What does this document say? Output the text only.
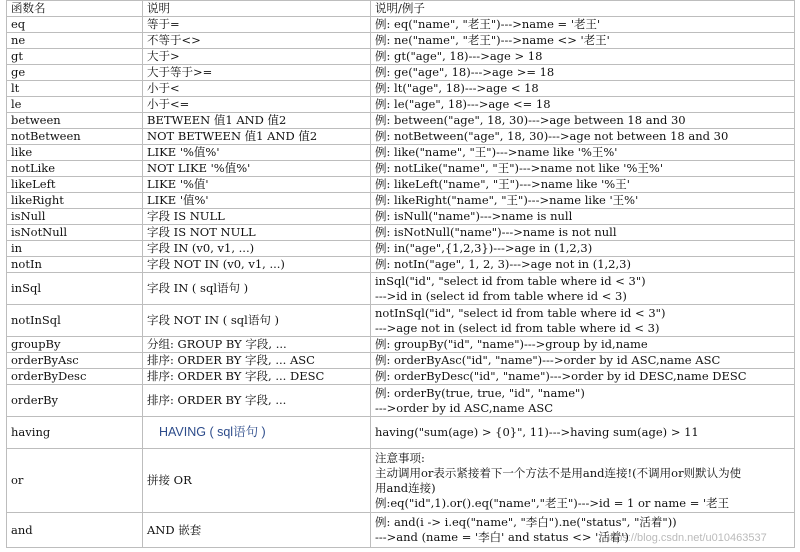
函数名	说明	说明/例子
eq	等于=	例: eq("name", "老王")--->name = '老王'

ne	不等于<>	例: ne("name", "老王")--->name <> '老王'

gt	大于>	例: gt("age", 18)--->age > 18

ge	大于等于>=	例: ge("age", 18)--->age >= 18

lt	小于<	例: lt("age", 18)--->age < 18

le	小于<=	例: le("age", 18)--->age <= 18

between	BETWEEN 值1 AND 值2	例: between("age", 18, 30)--->age between 18 and 30

notBetween	NOT BETWEEN 值1 AND 值2	例: notBetween("age", 18, 30)--->age not between 18 and 30

like	LIKE '%值%'	例: like("name", "王")--->name like '%王%'

notLike	NOT LIKE '%值%'	例: notLike("name", "王")--->name not like '%王%'

likeLeft	LIKE '%值'	例: likeLeft("name", "王")--->name like '%王'

likeRight	LIKE '值%'	例: likeRight("name", "王")--->name like '王%'

isNull	字段 IS NULL	例: isNull("name")--->name is null

isNotNull	字段 IS NOT NULL	例: isNotNull("name")--->name is not null

in	字段 IN (v0, v1, ...)	例: in("age",{1,2,3})--->age in (1,2,3)

notIn	字段 NOT IN (v0, v1, ...)	例: notIn("age", 1, 2, 3)--->age not in (1,2,3)

inSql	字段 IN ( sql语句 )	inSql("id", "select id from table where id < 3")
--->id in (select id from table where id < 3)

notInSql	字段 NOT IN ( sql语句 )	notInSql("id", "select id from table where id < 3")
--->age not in (select id from table where id < 3)

groupBy	分组: GROUP BY 字段, ...	例: groupBy("id", "name")--->group by id,name

orderByAsc	排序: ORDER BY 字段, ... ASC	例: orderByAsc("id", "name")--->order by id ASC,name ASC

orderByDesc	排序: ORDER BY 字段, ... DESC	例: orderByDesc("id", "name")--->order by id DESC,name DESC

orderBy	排序: ORDER BY 字段, ...	例: orderBy(true, true, "id", "name")
--->order by id ASC,name ASC

having	HAVING ( sql语句 )	having("sum(age) > {0}", 11)--->having sum(age) > 11

or	拼接 OR	注意事项:
主动调用or表示紧接着下一个方法不是用and连接!(不调用or则默认为使
用and连接)
例:eq("id",1).or().eq("name","老王")--->id = 1 or name = '老王

and	AND 嵌套	例: and(i -> i.eq("name", "李白").ne("status", "活着"))
--->and (name = '李白' and status <> '活着')
https://blog.csdn.net/u010463537
